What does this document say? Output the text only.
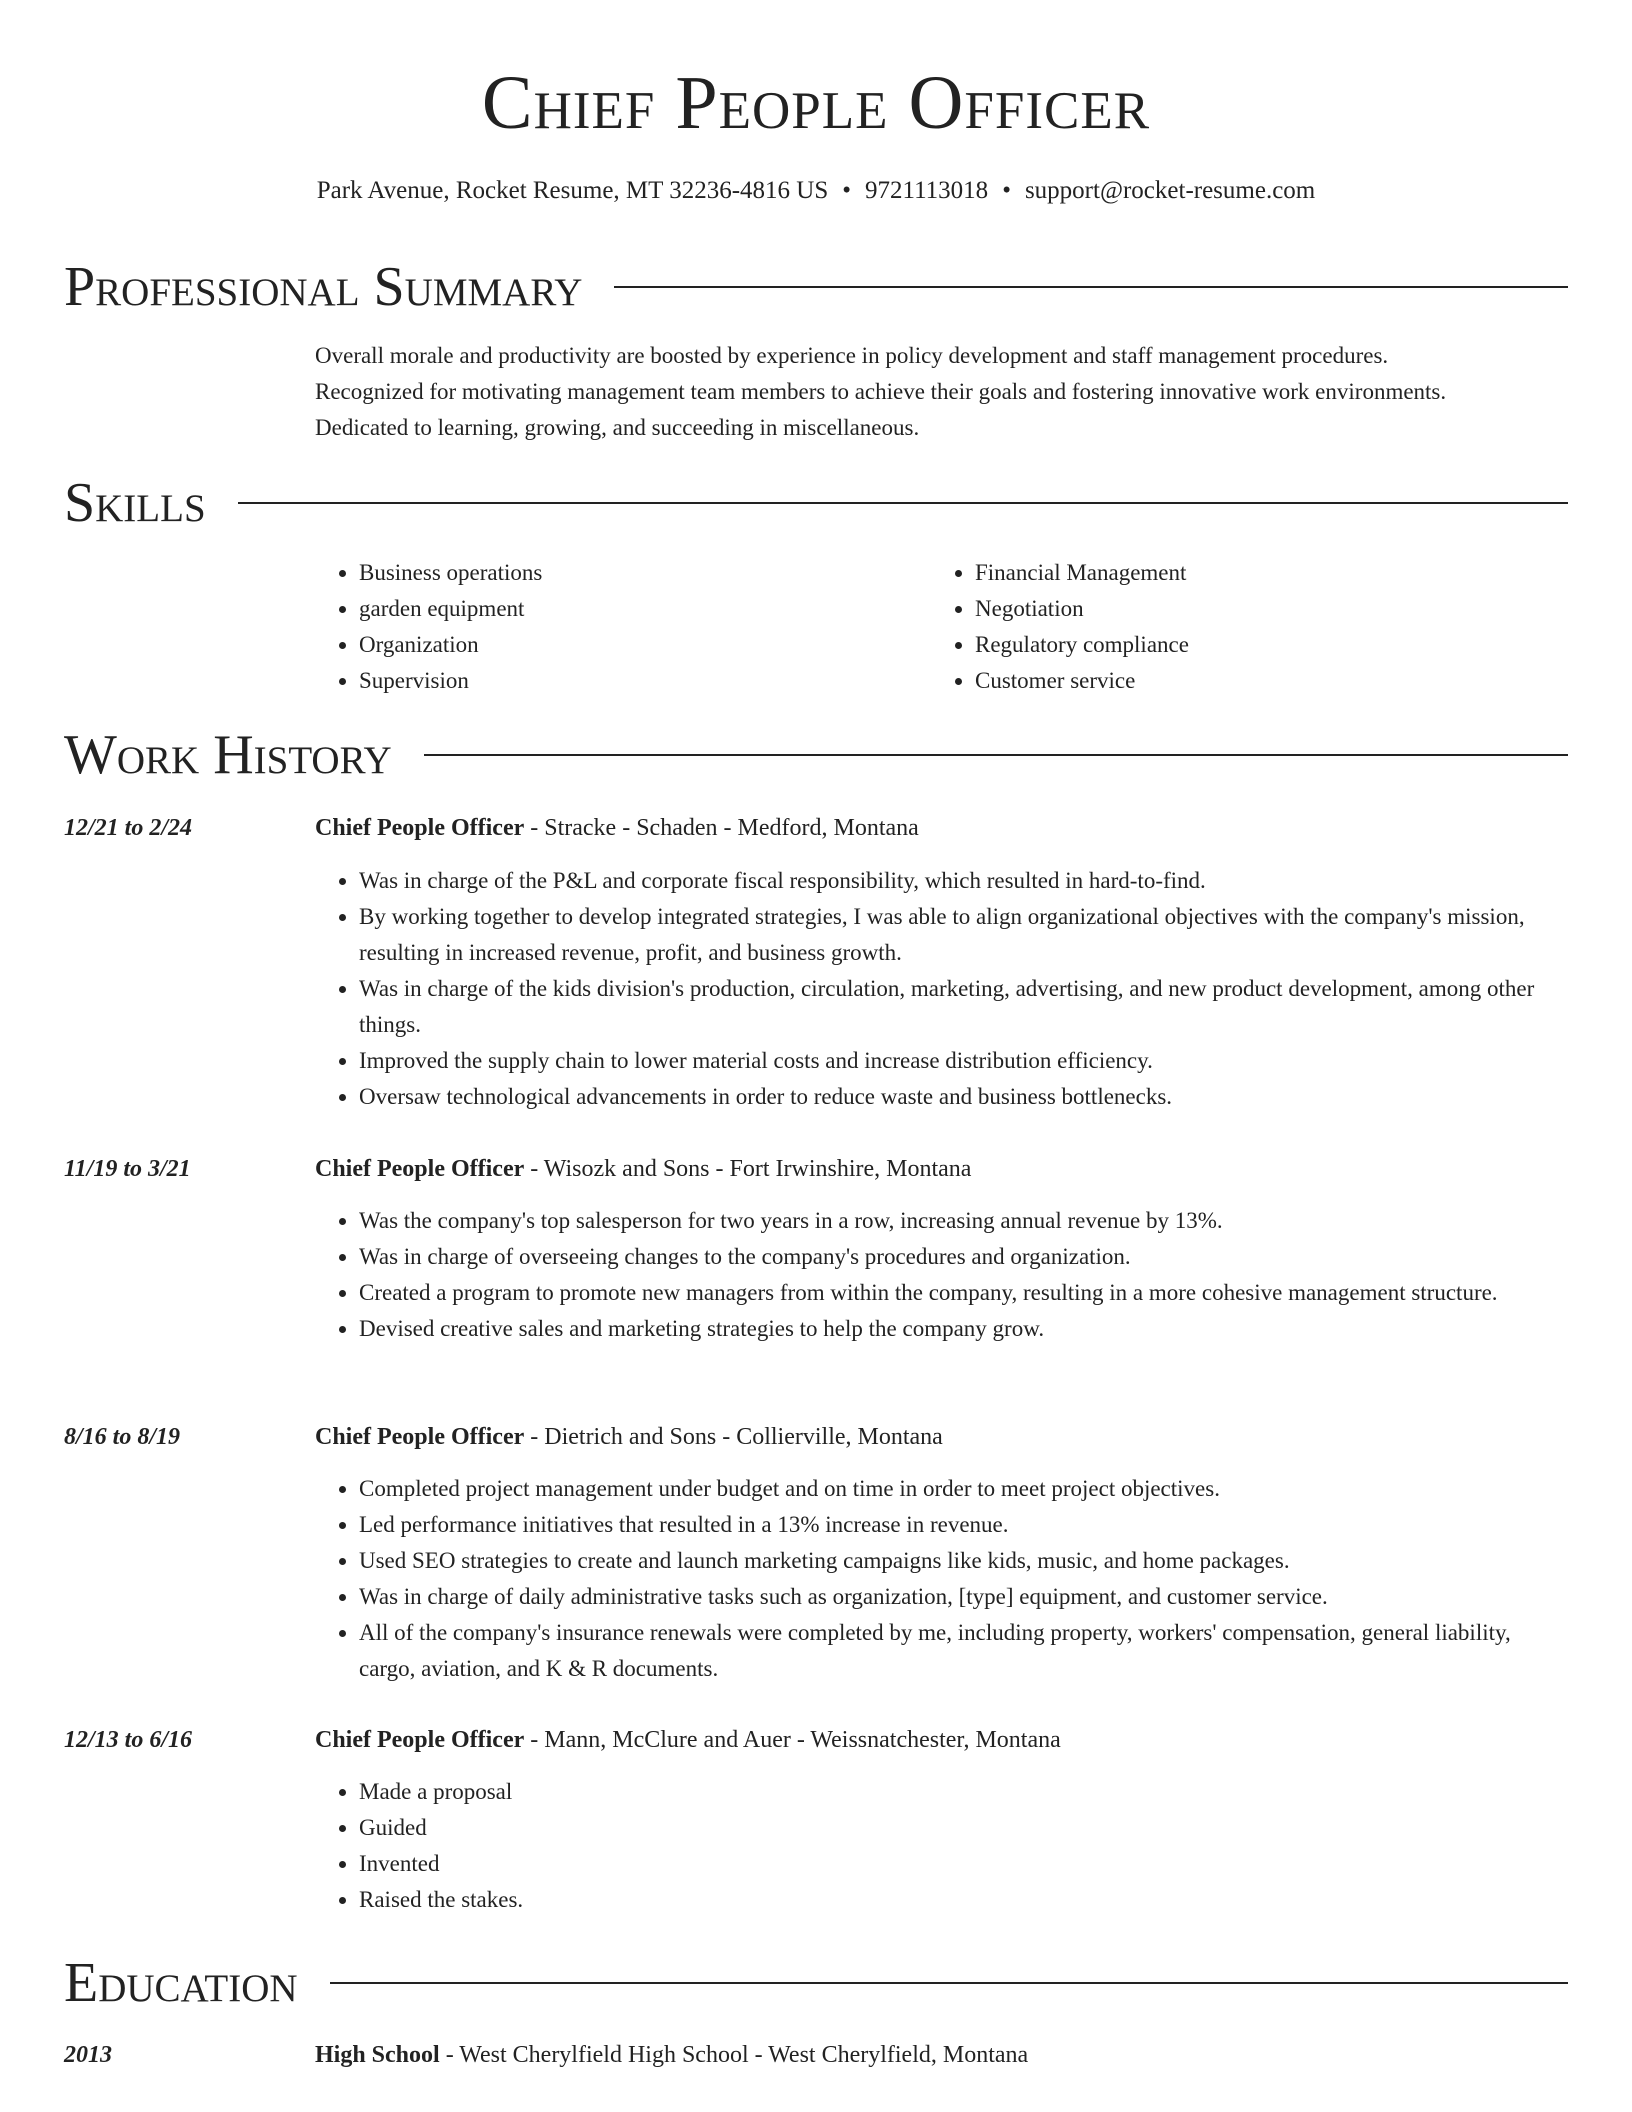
Chief People Officer
Park Avenue, Rocket Resume, MT 32236-4816 US • 9721113018 • support@rocket-resume.com
Professional Summary
Overall morale and productivity are boosted by experience in policy development and staff management procedures.
Recognized for motivating management team members to achieve their goals and fostering innovative work environments.
Dedicated to learning, growing, and succeeding in miscellaneous.
Skills
• Business operations
• garden equipment
• Organization
• Supervision
• Financial Management
• Negotiation
• Regulatory compliance
• Customer service
Work History
12/21 to 2/24	Chief People Officer - Stracke - Schaden - Medford, Montana
• Was in charge of the P&L and corporate fiscal responsibility, which resulted in hard-to-find.
• By working together to develop integrated strategies, I was able to align organizational objectives with the company's mission, resulting in increased revenue, profit, and business growth.
• Was in charge of the kids division's production, circulation, marketing, advertising, and new product development, among other things.
• Improved the supply chain to lower material costs and increase distribution efficiency.
• Oversaw technological advancements in order to reduce waste and business bottlenecks.
11/19 to 3/21	Chief People Officer - Wisozk and Sons - Fort Irwinshire, Montana
• Was the company's top salesperson for two years in a row, increasing annual revenue by 13%.
• Was in charge of overseeing changes to the company's procedures and organization.
• Created a program to promote new managers from within the company, resulting in a more cohesive management structure.
• Devised creative sales and marketing strategies to help the company grow.
8/16 to 8/19	Chief People Officer - Dietrich and Sons - Collierville, Montana
• Completed project management under budget and on time in order to meet project objectives.
• Led performance initiatives that resulted in a 13% increase in revenue.
• Used SEO strategies to create and launch marketing campaigns like kids, music, and home packages.
• Was in charge of daily administrative tasks such as organization, [type] equipment, and customer service.
• All of the company's insurance renewals were completed by me, including property, workers' compensation, general liability, cargo, aviation, and K & R documents.
12/13 to 6/16	Chief People Officer - Mann, McClure and Auer - Weissnatchester, Montana
• Made a proposal
• Guided
• Invented
• Raised the stakes.
Education
2013	High School - West Cherylfield High School - West Cherylfield, Montana
